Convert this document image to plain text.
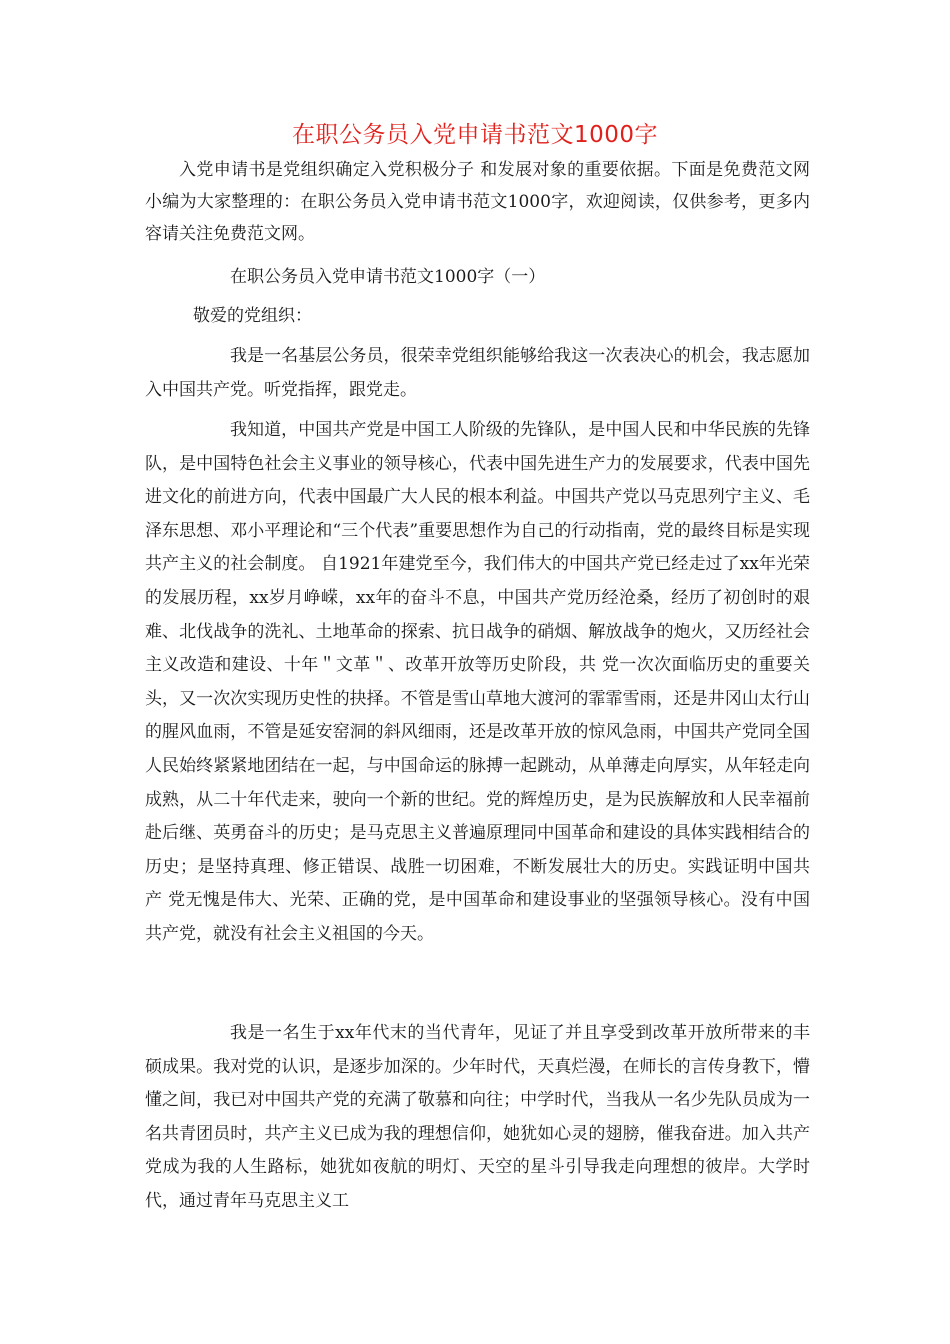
在职公务员入党申请书范文1000字

入党申请书是党组织确定入党积极分子 和发展对象的重要依据。下面是免费范文网小编为大家整理的：在职公务员入党申请书范文1000字，欢迎阅读，仅供参考，更多内容请关注免费范文网。

在职公务员入党申请书范文1000字（一）

敬爱的党组织：

我是一名基层公务员，很荣幸党组织能够给我这一次表决心的机会，我志愿加入中国共产党。听党指挥，跟党走。

我知道，中国共产党是中国工人阶级的先锋队，是中国人民和中华民族的先锋队，是中国特色社会主义事业的领导核心，代表中国先进生产力的发展要求，代表中国先进文化的前进方向，代表中国最广大人民的根本利益。中国共产党以马克思列宁主义、毛泽东思想、邓小平理论和“三个代表”重要思想作为自己的行动指南，党的最终目标是实现共产主义的社会制度。 自1921年建党至今，我们伟大的中国共产党已经走过了xx年光荣的发展历程，xx岁月峥嵘，xx年的奋斗不息，中国共产党历经沧桑，经历了初创时的艰难、北伐战争的洗礼、土地革命的探索、抗日战争的硝烟、解放战争的炮火，又历经社会主义改造和建设、十年＂文革＂、改革开放等历史阶段，共 党一次次面临历史的重要关头，又一次次实现历史性的抉择。不管是雪山草地大渡河的霏霏雪雨，还是井冈山太行山的腥风血雨，不管是延安窑洞的斜风细雨，还是改革开放的惊风急雨，中国共产党同全国人民始终紧紧地团结在一起，与中国命运的脉搏一起跳动，从单薄走向厚实，从年轻走向成熟，从二十年代走来，驶向一个新的世纪。党的辉煌历史，是为民族解放和人民幸福前赴后继、英勇奋斗的历史；是马克思主义普遍原理同中国革命和建设的具体实践相结合的历史；是坚持真理、修正错误、战胜一切困难，不断发展壮大的历史。实践证明中国共 产 党无愧是伟大、光荣、正确的党，是中国革命和建设事业的坚强领导核心。没有中国共产党，就没有社会主义祖国的今天。

我是一名生于xx年代末的当代青年，见证了并且享受到改革开放所带来的丰硕成果。我对党的认识，是逐步加深的。少年时代，天真烂漫，在师长的言传身教下，懵懂之间，我已对中国共产党的充满了敬慕和向往；中学时代，当我从一名少先队员成为一名共青团员时，共产主义已成为我的理想信仰，她犹如心灵的翅膀，催我奋进。加入共产党成为我的人生路标，她犹如夜航的明灯、天空的星斗引导我走向理想的彼岸。大学时代，通过青年马克思主义工
